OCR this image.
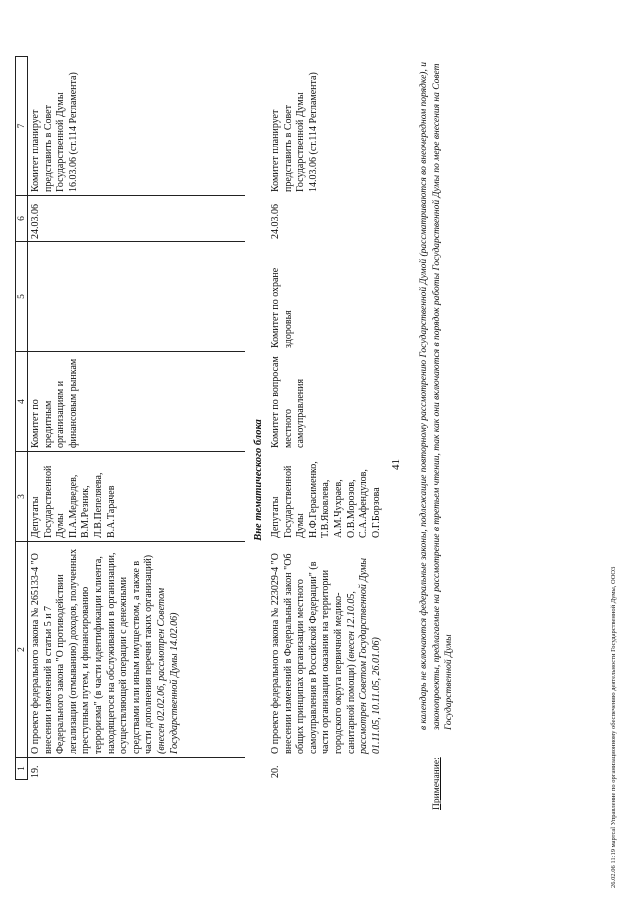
41
1
2
3
4
5
6
7
19.
О проекте федерального закона № 265133-4 "О внесении изменений в статьи 5 и 7 Федерального закона "О противодействии легализации (отмыванию) доходов, полученных преступным путем, и финансированию терроризма" (в части идентификации клиента, находящегося на обслуживании в организации, осуществляющей операции с денежными средствами или иным имуществом, а также в части дополнения перечня таких организаций) (внесен 02.02.06, рассмотрен Советом Государственной Думы 14.02.06)
Депутаты Государственной Думы П.А.Медведев, В.М.Резник, Л.В.Пепеляева, В.А.Тарачев
Комитет по кредитным организациям и финансовым рынкам
24.03.06
Комитет планирует представить в Совет Государственной Думы 16.03.06 (ст.114 Регламента)
Вне тематического блока
20.
О проекте федерального закона № 223029-4 "О внесении изменений в Федеральный закон "Об общих принципах организации местного самоуправления в Российской Федерации" (в части организации оказания на территории городского округа первичной медико-санитарной помощи) (внесен 12.10.05, рассмотрен Советом Государственной Думы 01.11.05, 10.11.05, 26.01.06)
Депутаты Государственной Думы Н.Ф.Герасименко, Т.В.Яковлева, А.М.Чухраев, О.В.Морозов, С.А.Афендулов, О.Г.Борзова
Комитет по вопросам местного самоуправления
Комитет по охране здоровья
24.03.06
Комитет планирует представить в Совет Государственной Думы 14.03.06 (ст.114 Регламента)
Примечание:
в календарь не включаются федеральные законы, подлежащие повторному рассмотрению Государственной Думой (рассматриваются во внеочередном порядке), и законопроекты, предлагаемые на рассмотрение в третьем чтении, так как они включаются в порядок работы Государственной Думы по мере внесения на Совет Государственной Думы	26.02.06 11:19 мартcal Управление по организационному обеспечению деятельности Государственной Думы, ООО3
